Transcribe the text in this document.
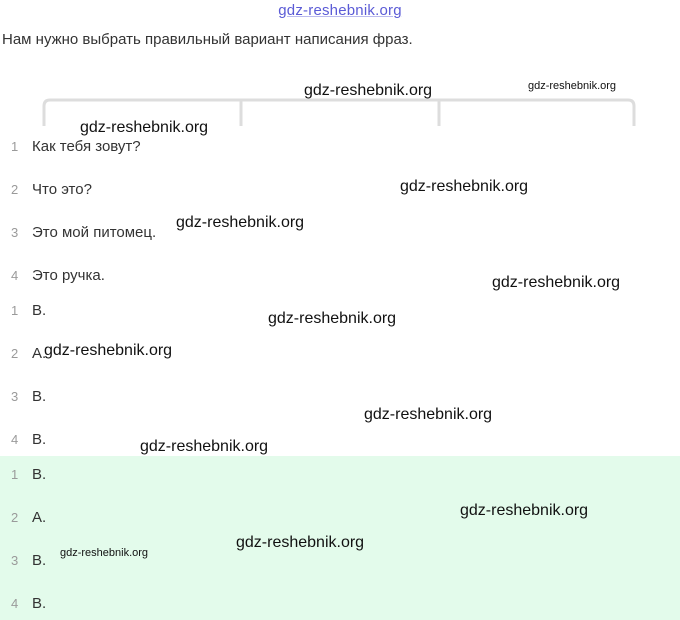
gdz-reshebnik.org
Нам нужно выбрать правильный вариант написания фраз.
1 Как тебя зовут?
2 Что это?
3 Это мой питомец.
4 Это ручка.
1 B.
2 A.
3 B.
4 B.
1 B.
2 A.
3 B.
4 B.
gdz-reshebnik.org	gdz-reshebnik.org
gdz-reshebnik.org
gdz-reshebnik.org
gdz-reshebnik.org
gdz-reshebnik.org
gdz-reshebnik.org
gdz-reshebnik.org
gdz-reshebnik.org
gdz-reshebnik.org
gdz-reshebnik.org
gdz-reshebnik.org
gdz-reshebnik.org
